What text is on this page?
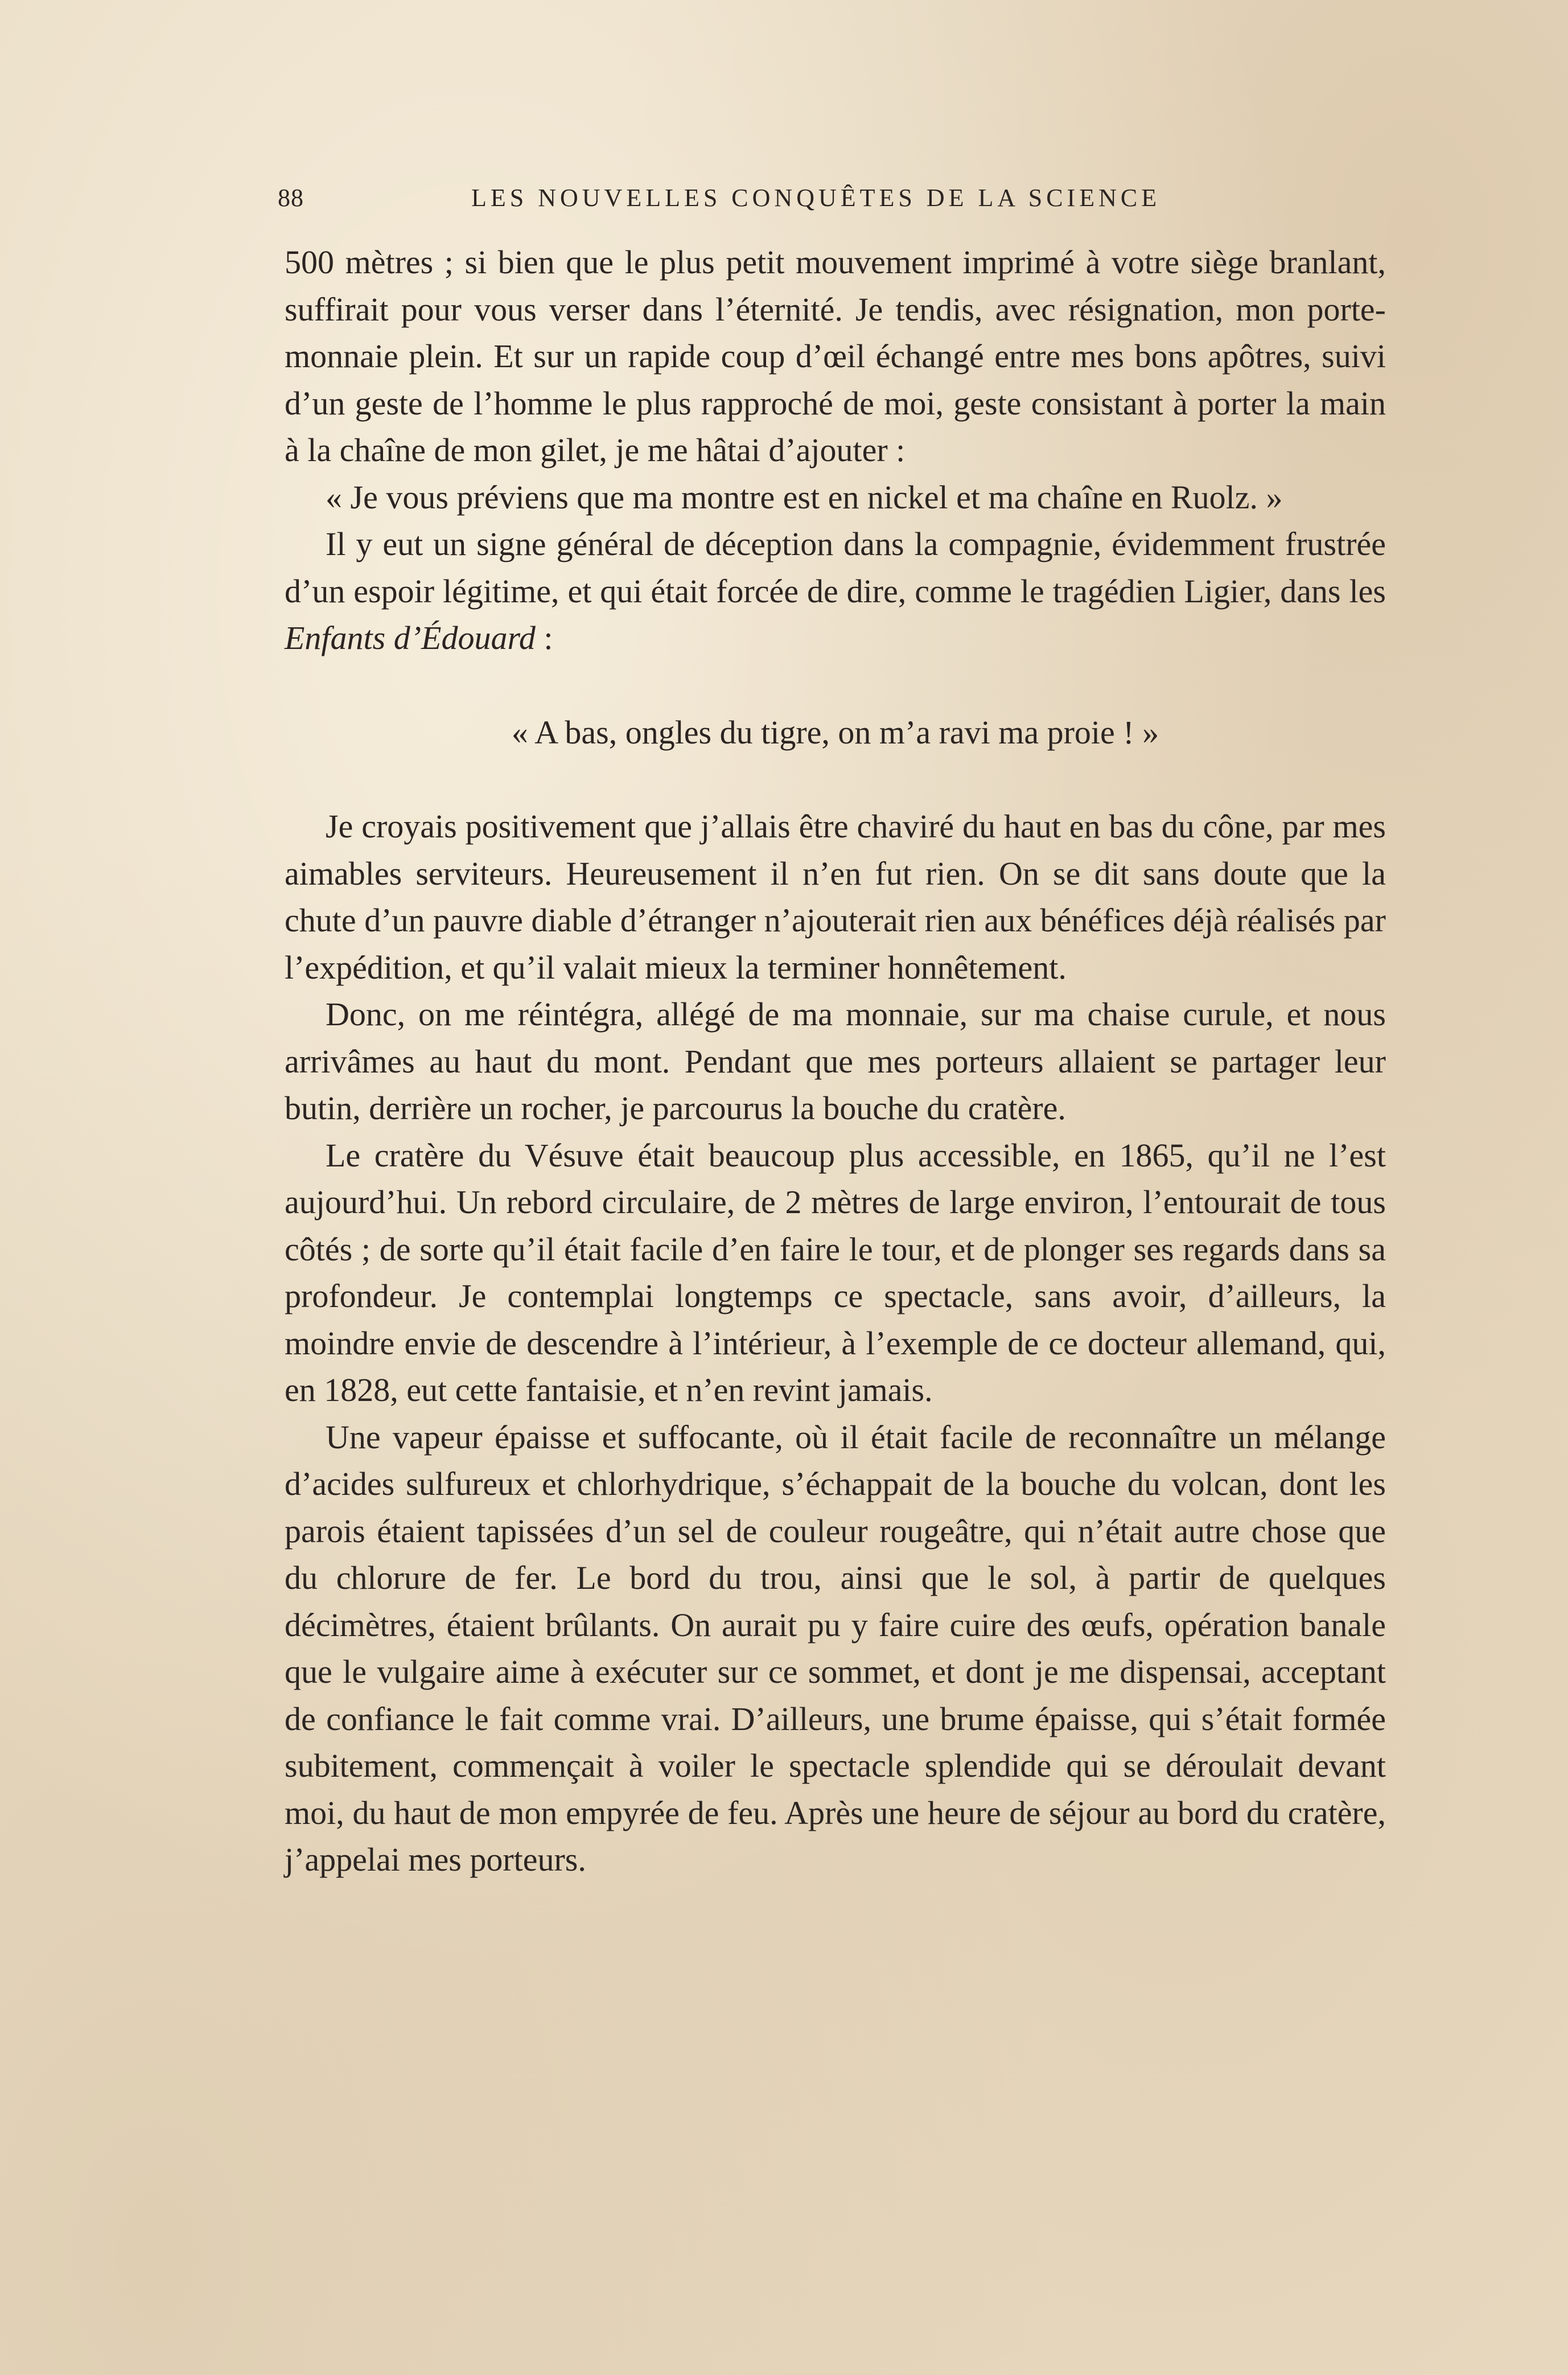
88	LES NOUVELLES CONQUÊTES DE LA SCIENCE

500 mètres ; si bien que le plus petit mouvement imprimé à votre siège branlant, suffirait pour vous verser dans l’éternité. Je tendis, avec résignation, mon porte-monnaie plein. Et sur un rapide coup d’œil échangé entre mes bons apôtres, suivi d’un geste de l’homme le plus rapproché de moi, geste consistant à porter la main à la chaîne de mon gilet, je me hâtai d’ajouter :

« Je vous préviens que ma montre est en nickel et ma chaîne en Ruolz. »

Il y eut un signe général de déception dans la compagnie, évidemment frustrée d’un espoir légitime, et qui était forcée de dire, comme le tragédien Ligier, dans les Enfants d’Édouard :

« A bas, ongles du tigre, on m’a ravi ma proie ! »

Je croyais positivement que j’allais être chaviré du haut en bas du cône, par mes aimables serviteurs. Heureusement il n’en fut rien. On se dit sans doute que la chute d’un pauvre diable d’étranger n’ajouterait rien aux bénéfices déjà réalisés par l’expédition, et qu’il valait mieux la terminer honnêtement.

Donc, on me réintégra, allégé de ma monnaie, sur ma chaise curule, et nous arrivâmes au haut du mont. Pendant que mes porteurs allaient se partager leur butin, derrière un rocher, je parcourus la bouche du cratère.

Le cratère du Vésuve était beaucoup plus accessible, en 1865, qu’il ne l’est aujourd’hui. Un rebord circulaire, de 2 mètres de large environ, l’entourait de tous côtés ; de sorte qu’il était facile d’en faire le tour, et de plonger ses regards dans sa profondeur. Je contemplai longtemps ce spectacle, sans avoir, d’ailleurs, la moindre envie de descendre à l’intérieur, à l’exemple de ce docteur allemand, qui, en 1828, eut cette fantaisie, et n’en revint jamais.

Une vapeur épaisse et suffocante, où il était facile de reconnaître un mélange d’acides sulfureux et chlorhydrique, s’échappait de la bouche du volcan, dont les parois étaient tapissées d’un sel de couleur rougeâtre, qui n’était autre chose que du chlorure de fer. Le bord du trou, ainsi que le sol, à partir de quelques décimètres, étaient brûlants. On aurait pu y faire cuire des œufs, opération banale que le vulgaire aime à exécuter sur ce sommet, et dont je me dispensai, acceptant de confiance le fait comme vrai. D’ailleurs, une brume épaisse, qui s’était formée subitement, commençait à voiler le spectacle splendide qui se déroulait devant moi, du haut de mon empyrée de feu. Après une heure de séjour au bord du cratère, j’appelai mes porteurs.
